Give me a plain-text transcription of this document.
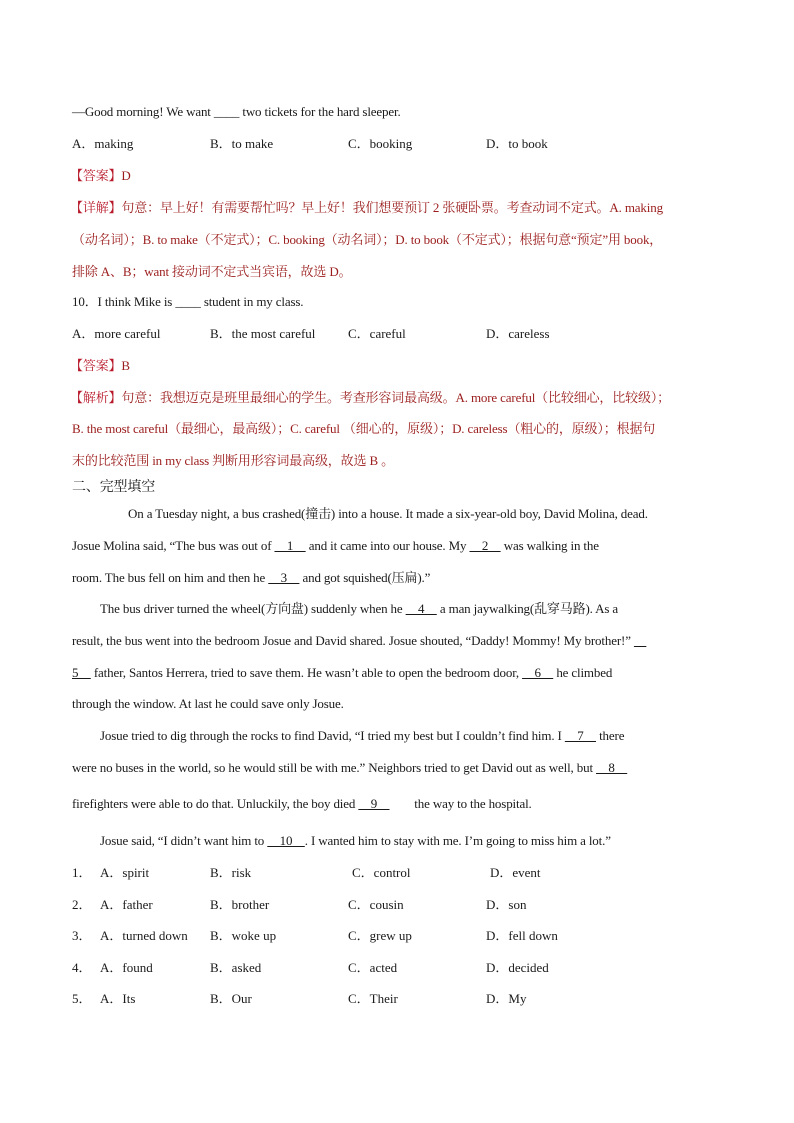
—Good morning! We want ____ two tickets for the hard sleeper.
A．making	B．to make	C．booking	D．to book
【答案】D
【详解】句意：早上好！有需要帮忙吗？早上好！我们想要预订 2 张硬卧票。考查动词不定式。A. making
（动名词）；B. to make（不定式）；C. booking（动名词）；D. to book（不定式）；根据句意“预定”用 book，
排除 A、B；want 接动词不定式当宾语，故选 D。
10．I think Mike is ____ student in my class.
A．more careful	B．the most careful	C．careful	D．careless
【答案】B
【解析】句意：我想迈克是班里最细心的学生。考查形容词最高级。A. more careful（比较细心，比较级）；
B. the most careful（最细心，最高级）；C. careful （细心的，原级）；D. careless（粗心的，原级）；根据句
末的比较范围 in my class 判断用形容词最高级，故选 B 。
二、完型填空
On a Tuesday night, a bus crashed(撞击) into a house. It made a six-year-old boy, David Molina, dead.
Josue Molina said, “The bus was out of     1     and it came into our house. My     2     was walking in the
room. The bus fell on him and then he     3     and got squished(压扁).”
The bus driver turned the wheel(方向盘) suddenly when he     4     a man jaywalking(乱穿马路). As a
result, the bus went into the bedroom Josue and David shared. Josue shouted, “Daddy! Mommy! My brother!”
5     father, Santos Herrera, tried to save them. He wasn’t able to open the bedroom door,     6     he climbed
through the window. At last he could save only Josue.
Josue tried to dig through the rocks to find David, “I tried my best but I couldn’t find him. I     7     there
were no buses in the world, so he would still be with me.” Neighbors tried to get David out as well, but     8
firefighters were able to do that. Unluckily, the boy died     9            the way to the hospital.
Josue said, “I didn’t want him to     10    . I wanted him to stay with me. I’m going to miss him a lot.”
1． A．spirit	B．risk	C．control	D．event
2． A．father	B．brother	C．cousin	D．son
3． A．turned down B．woke up	C．grew up	D．fell down
4． A．found	B．asked	C．acted	D．decided
5． A．Its	B．Our	C．Their	D．My
